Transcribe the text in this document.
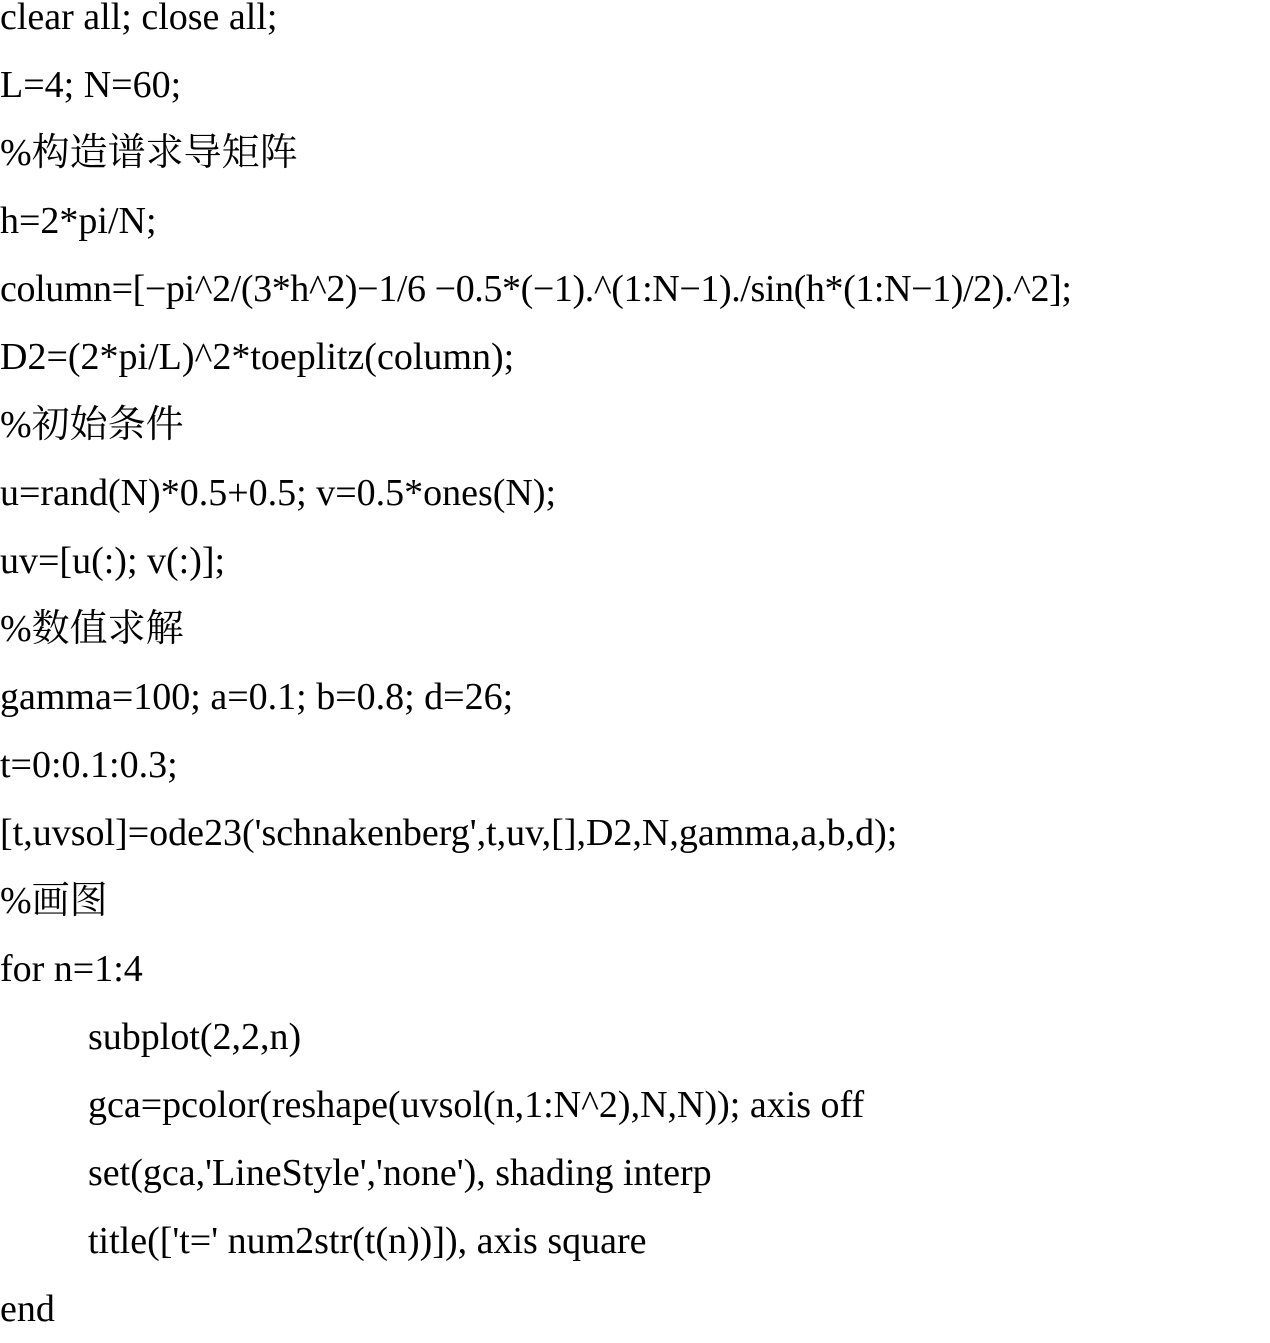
clear all; close all;
L=4; N=60;
%构造谱求导矩阵
h=2*pi/N;
column=[−pi^2/(3*h^2)−1/6 −0.5*(−1).^(1:N−1)./sin(h*(1:N−1)/2).^2];
D2=(2*pi/L)^2*toeplitz(column);
%初始条件
u=rand(N)*0.5+0.5; v=0.5*ones(N);
uv=[u(:); v(:)];
%数值求解
gamma=100; a=0.1; b=0.8; d=26;
t=0:0.1:0.3;
[t,uvsol]=ode23('schnakenberg',t,uv,[],D2,N,gamma,a,b,d);
%画图
for n=1:4
subplot(2,2,n)
gca=pcolor(reshape(uvsol(n,1:N^2),N,N)); axis off
set(gca,'LineStyle','none'), shading interp
title(['t=' num2str(t(n))]), axis square
end
